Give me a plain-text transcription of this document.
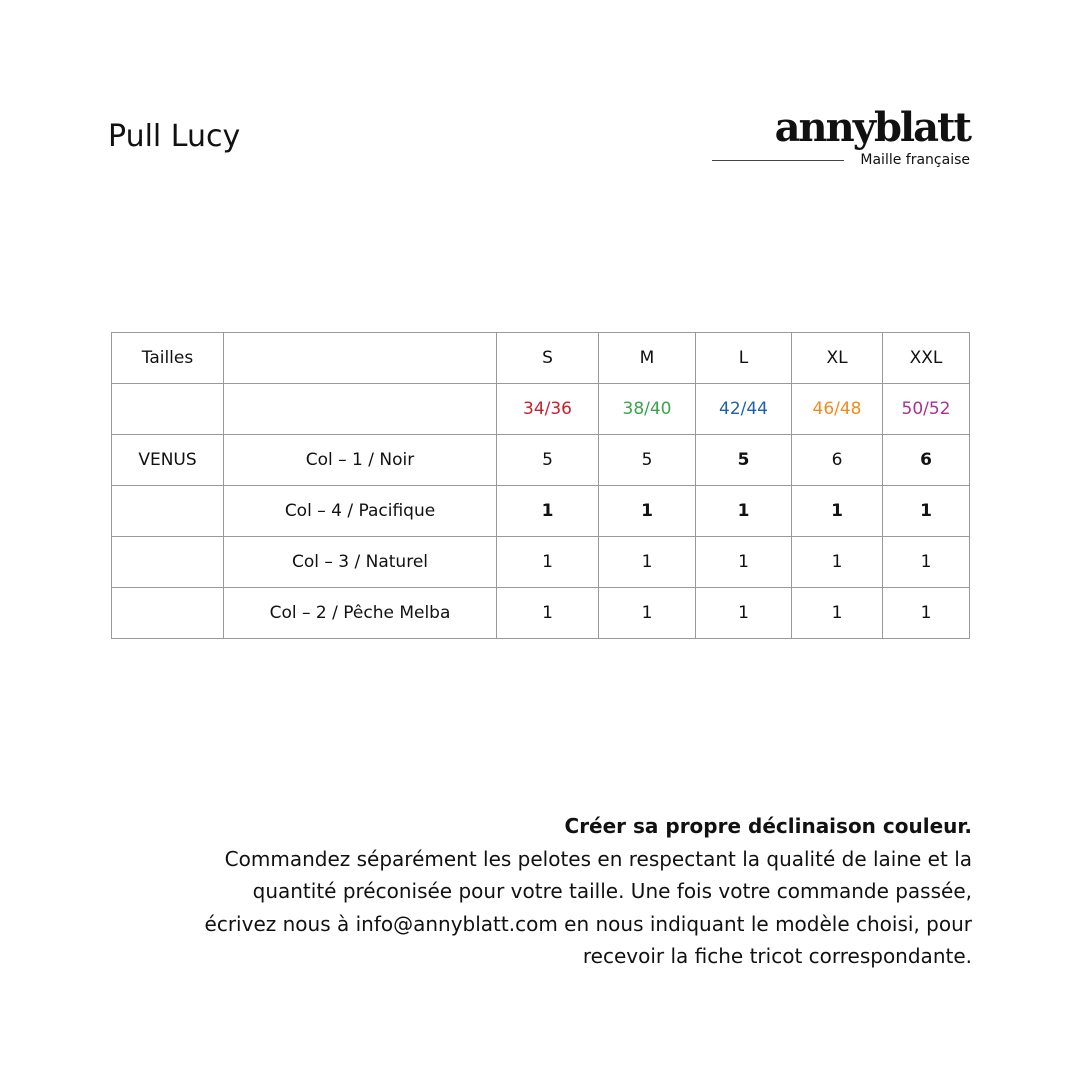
Pull Lucy	annyblatt
Maille française
Tailles		S	M	L	XL	XXL
		34/36	38/40	42/44	46/48	50/52
VENUS	Col – 1 / Noir	5	5	5	6	6
	Col – 4 / Pacifique	1	1	1	1	1
	Col – 3 / Naturel	1	1	1	1	1
	Col – 2 / Pêche Melba	1	1	1	1	1
Créer sa propre déclinaison couleur.
Commandez séparément les pelotes en respectant la qualité de laine et la
quantité préconisée pour votre taille. Une fois votre commande passée,
écrivez nous à info@annyblatt.com en nous indiquant le modèle choisi, pour
recevoir la fiche tricot correspondante.
